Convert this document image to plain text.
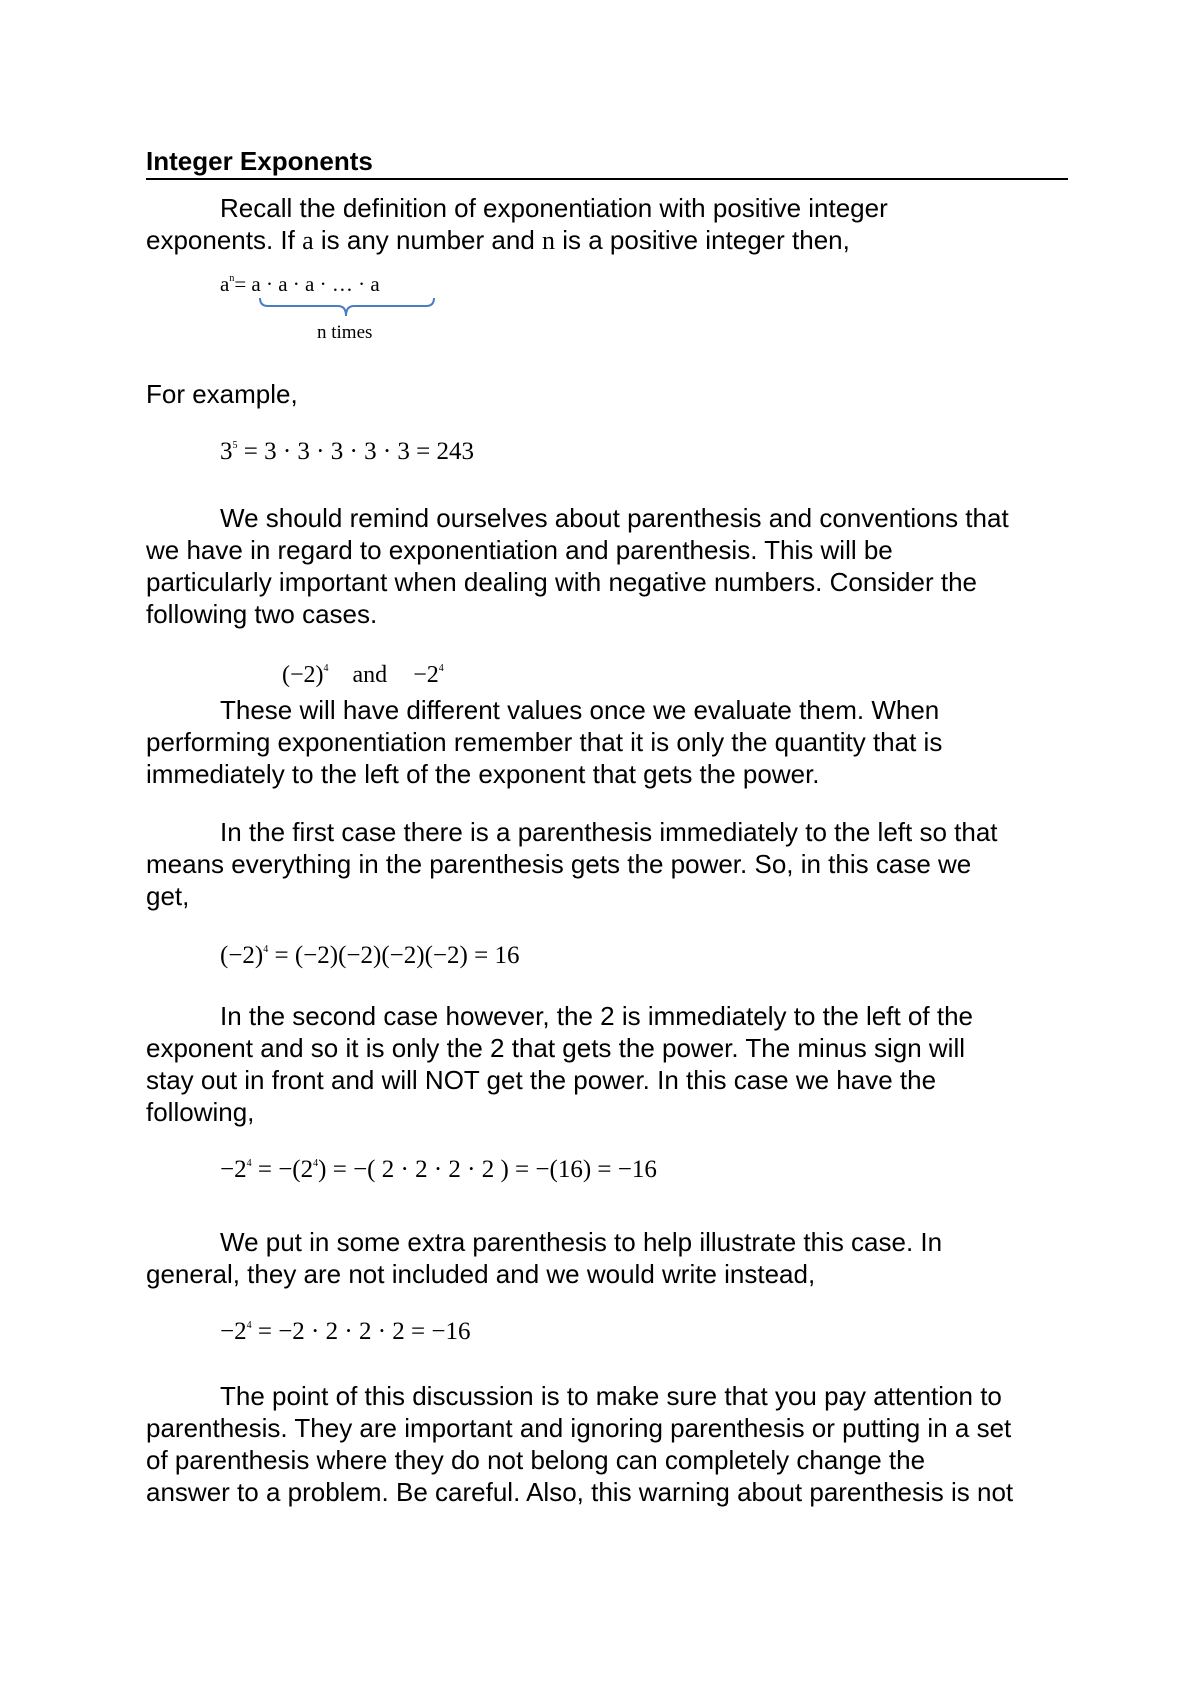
Integer Exponents
Recall the definition of exponentiation with positive integer
exponents. If a is any number and n is a positive integer then,
$a^n= a \cdot a \cdot a$ · … · a
n times
For example,
$3^5 = 3 \cdot 3 \cdot 3 \cdot 3 \cdot 3 = 243$
We should remind ourselves about parenthesis and conventions that
we have in regard to exponentiation and parenthesis. This will be
particularly important when dealing with negative numbers. Consider the
following two cases.
$(-2)^4$ and $-2^4$
These will have different values once we evaluate them. When
performing exponentiation remember that it is only the quantity that is
immediately to the left of the exponent that gets the power.
In the first case there is a parenthesis immediately to the left so that
means everything in the parenthesis gets the power. So, in this case we
get,
$(-2)^4 = (-2)(-2)(-2)(-2) = 16$
In the second case however, the 2 is immediately to the left of the
exponent and so it is only the 2 that gets the power. The minus sign will
stay out in front and will NOT get the power. In this case we have the
following,
$-2^4 = -(2^4)$ = −( 2 · 2 · 2 · 2 ) = −(16) = −16
We put in some extra parenthesis to help illustrate this case. In
general, they are not included and we would write instead,
$-2^4 = -2 \cdot 2 \cdot 2 \cdot 2 = -16$
The point of this discussion is to make sure that you pay attention to
parenthesis. They are important and ignoring parenthesis or putting in a set
of parenthesis where they do not belong can completely change the
answer to a problem. Be careful. Also, this warning about parenthesis is not
